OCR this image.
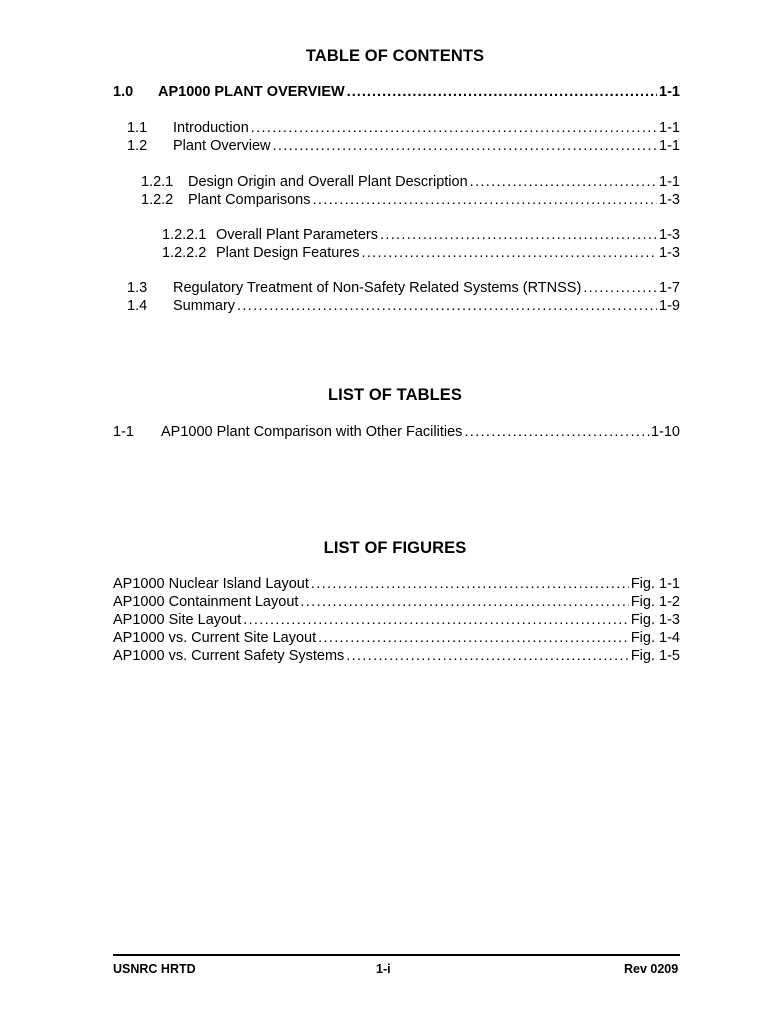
TABLE OF CONTENTS
1.0	AP1000 PLANT OVERVIEW . . .	1-1
1.1	Introduction . . .	1-1
1.2	Plant Overview . . .	1-1
1.2.1	Design Origin and Overall Plant Description . . .	1-1
1.2.2	Plant Comparisons . . .	1-3
1.2.2.1 Overall Plant Parameters . . .	1-3
1.2.2.2 Plant Design Features . . .	1-3
1.3	Regulatory Treatment of Non-Safety Related Systems (RTNSS) . . .	1-7
1.4	Summary . . .	1-9
LIST OF TABLES
1-1	AP1000 Plant Comparison with Other Facilities . . .	1-10
LIST OF FIGURES
AP1000 Nuclear Island Layout . . .	Fig. 1-1
AP1000 Containment Layout . . .	Fig. 1-2
AP1000 Site Layout . . .	Fig. 1-3
AP1000 vs. Current Site Layout . . .	Fig. 1-4
AP1000 vs. Current Safety Systems . . .	Fig. 1-5
USNRC HRTD	1-i	Rev 0209
